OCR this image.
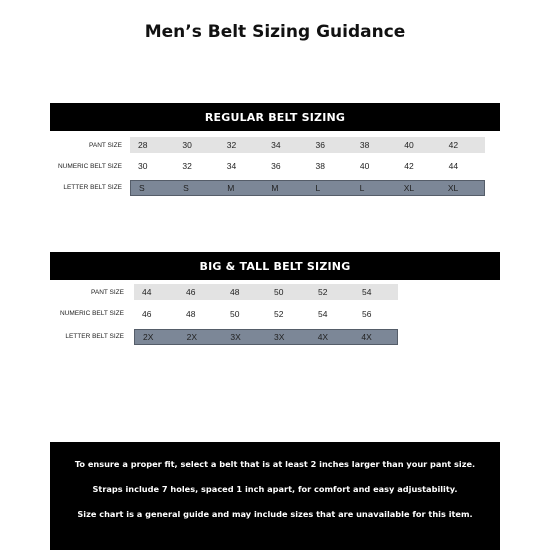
Men’s Belt Sizing Guidance
REGULAR BELT SIZING
PANT SIZE	28	30	32	34	36	38	40	42
NUMERIC BELT SIZE	30	32	34	36	38	40	42	44
LETTER BELT SIZE	S	S	M	M	L	L	XL	XL
BIG & TALL BELT SIZING
PANT SIZE	44	46	48	50	52	54
NUMERIC BELT SIZE	46	48	50	52	54	56
LETTER BELT SIZE	2X	2X	3X	3X	4X	4X

To ensure a proper fit, select a belt that is at least 2 inches larger than your pant size.

Straps include 7 holes, spaced 1 inch apart, for comfort and easy adjustability.

Size chart is a general guide and may include sizes that are unavailable for this item.
